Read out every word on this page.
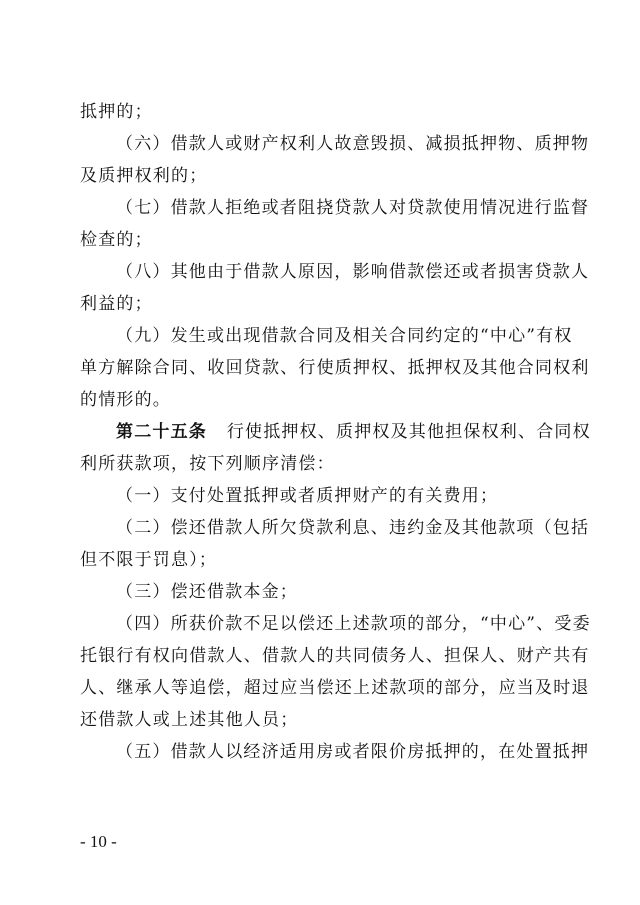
抵押的；
（六）借款人或财产权利人故意毁损、减损抵押物、质押物
及质押权利的；
（七）借款人拒绝或者阻挠贷款人对贷款使用情况进行监督
检查的；
（八）其他由于借款人原因，影响借款偿还或者损害贷款人
利益的；
（九）发生或出现借款合同及相关合同约定的“中心”有权
单方解除合同、收回贷款、行使质押权、抵押权及其他合同权利
的情形的。
第二十五条 行使抵押权、质押权及其他担保权利、合同权
利所获款项，按下列顺序清偿：
（一）支付处置抵押或者质押财产的有关费用；
（二）偿还借款人所欠贷款利息、违约金及其他款项（包括
但不限于罚息）；
（三）偿还借款本金；
（四）所获价款不足以偿还上述款项的部分，“中心”、受委
托银行有权向借款人、借款人的共同债务人、担保人、财产共有
人、继承人等追偿，超过应当偿还上述款项的部分，应当及时退
还借款人或上述其他人员；
（五）借款人以经济适用房或者限价房抵押的，在处置抵押
- 10 -
